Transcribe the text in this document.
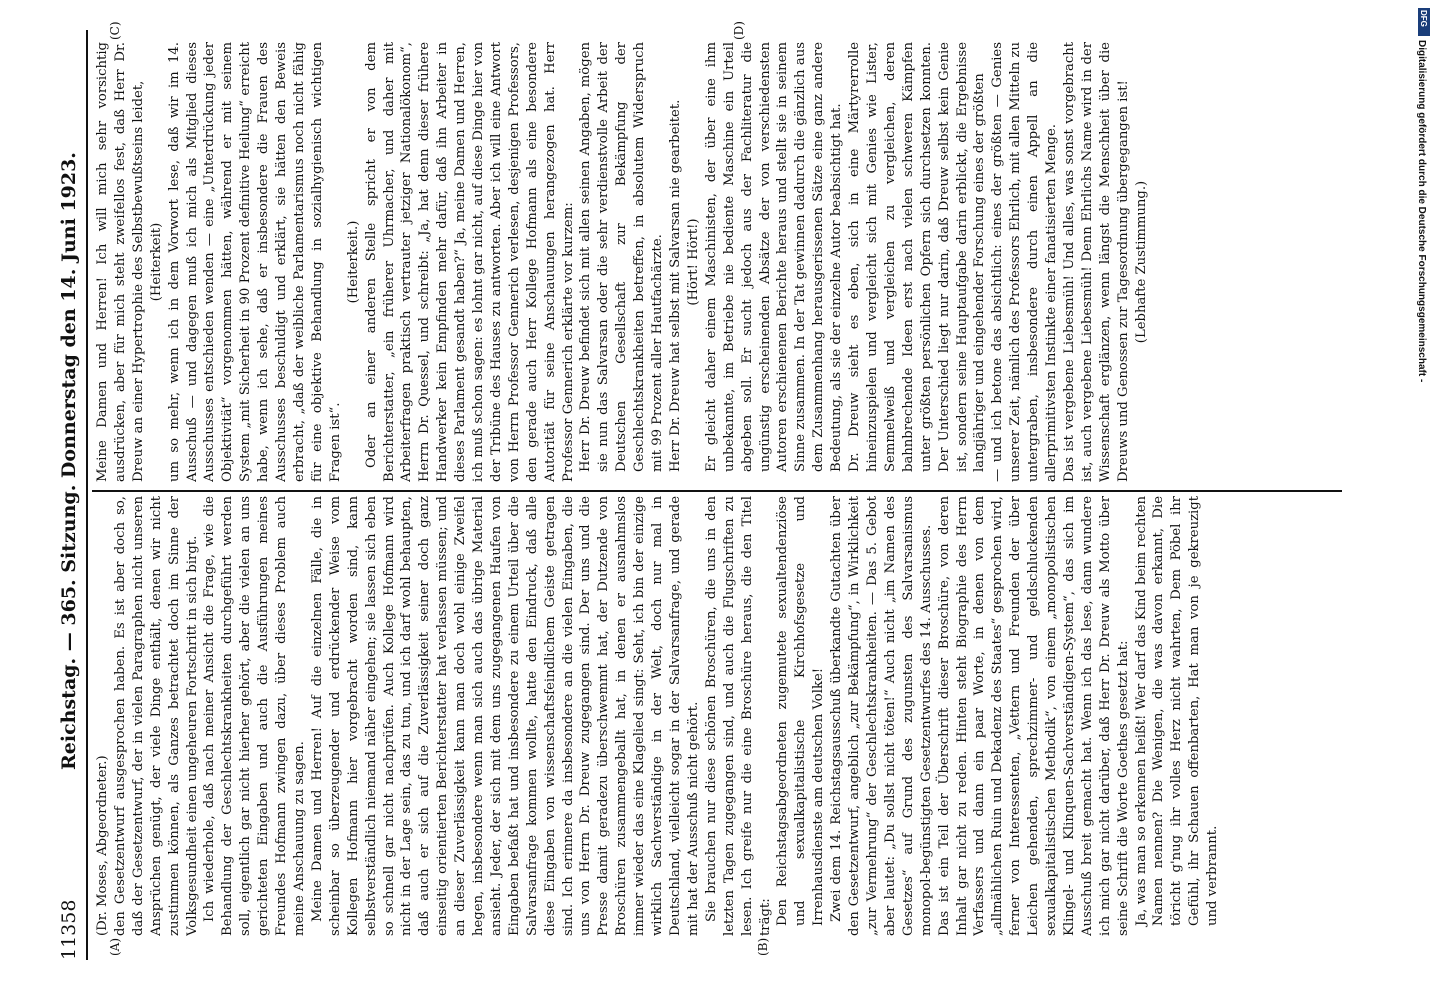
11358
Reichstag. — 365. Sitzung. Donnerstag den 14. Juni 1923.
(A)	(B)
(C)	(D)

(Dr. Moses, Abgeordneter.) den Gesetzentwurf ausgesprochen haben. Es ist aber doch so, daß der Gesetzentwurf, der in vielen Paragraphen nicht unseren Ansprüchen genügt, der viele Dinge enthält, denen wir nicht zustimmen können, als Ganzes betrachtet doch im Sinne der Volksgesundheit einen ungeheuren Fortschritt in sich birgt. Ich wiederhole, daß nach meiner Ansicht die Frage, wie die Behandlung der Geschlechtskrankheiten durchgeführt werden soll, eigentlich gar nicht hierher gehört, aber die vielen an uns gerichteten Eingaben und auch die Ausführungen meines Freundes Hofmann zwingen dazu, über dieses Problem auch meine Anschauung zu sagen. Meine Damen und Herren! Auf die einzelnen Fälle, die in scheinbar so überzeugender und erdrückender Weise vom Kollegen Hofmann hier vorgebracht worden sind, kann selbstverständlich niemand näher eingehen; sie lassen sich eben so schnell gar nicht nachprüfen. Auch Kollege Hofmann wird nicht in der Lage sein, das zu tun, und ich darf wohl behaupten, daß auch er sich auf die Zuverlässigkeit seiner doch ganz einseitig orientierten Berichterstatter hat verlassen müssen; und an dieser Zuverlässigkeit kann man doch wohl einige Zweifel hegen, insbesondere wenn man sich auch das übrige Material ansieht. Jeder, der sich mit dem uns zugegangenen Haufen von Eingaben befaßt hat und insbesondere zu einem Urteil über die Salvarsanfrage kommen wollte, hatte den Eindruck, daß alle diese Eingaben von wissenschaftsfeindlichem Geiste getragen sind. Ich erinnere da insbesondere an die vielen Eingaben, die uns von Herrn Dr. Dreuw zugegangen sind. Der uns und die Presse damit geradezu überschwemmt hat, der Dutzende von Broschüren zusammengeballt hat, in denen er ausnahmslos immer wieder das eine Klagelied singt: Seht, ich bin der einzige wirklich Sachverständige in der Welt, doch nur mal in Deutschland, vielleicht sogar in der Salvarsanfrage, und gerade mit hat der Ausschuß nicht gehört. Sie brauchen nur diese schönen Broschüren, die uns in den letzten Tagen zugegangen sind, und auch die Flugschriften zu lesen. Ich greife nur die eine Broschüre heraus, die den Titel trägt: Den Reichstagsabgeordneten zugemutete sexualtendenziöse und sexualkapitalistische Kirchhofsgesetze und Irrenhausdienste am deutschen Volke! Zwei dem 14. Reichstagsausschuß überkandte Gutachten über den Gesetzentwurf, angeblich „zur Bekämpfung“, in Wirklichkeit „zur Vermehrung“ der Geschlechtskrankheiten. — Das 5. Gebot aber lautet: „Du sollst nicht töten!“ Auch nicht „im Namen des Gesetzes“ auf Grund des zugunsten des Salvarsanismus monopol-begünstigten Gesetzentwurfes des 14. Ausschusses. Das ist ein Teil der Überschrift dieser Broschüre, von deren Inhalt gar nicht zu reden. Hinten steht Biographie des Herrn Verfassers und dann ein paar Worte, in denen von dem „allmählichen Ruin und Dekadenz des Staates“ gesprochen wird, ferner von Interessenten, „Vettern und Freunden der über Leichen gehenden, sprechzimmer- und geldschluckenden sexualkapitalistischen Methodik“, von einem „monopolistischen Klingel- und Klinquen-Sachverständigen-System“, das sich im Ausschuß breit gemacht hat. Wenn ich das lese, dann wundere ich mich gar nicht darüber, daß Herr Dr. Dreuw als Motto über seine Schrift die Worte Goethes gesetzt hat: Ja, was man so erkennen heißt! Wer darf das Kind beim rechten Namen nennen? Die Wenigen, die was davon erkannt, Die töricht g'nug ihr volles Herz nicht wahrten, Dem Pöbel ihr Gefühl, ihr Schauen offenbarten, Hat man von je gekreuzigt und verbrannt.

Meine Damen und Herren! Ich will mich sehr vorsichtig ausdrücken, aber für mich steht zweifellos fest, daß Herr Dr. Dreuw an einer Hypertrophie des Selbstbewußtseins leidet, (Heiterkeit) um so mehr, wenn ich in dem Vorwort lese, daß wir im 14. Ausschuß — und dagegen muß ich mich als Mitglied dieses Ausschusses entschieden wenden — eine „Unterdrückung jeder Objektivität“ vorgenommen hätten, während er mit seinem System „mit Sicherheit in 90 Prozent definitive Heilung“ erreicht habe, wenn ich sehe, daß er insbesondere die Frauen des Ausschusses beschuldigt und erklärt, sie hätten den Beweis erbracht, „daß der weibliche Parlamentarismus noch nicht fähig für eine objektive Behandlung in sozialhygienisch wichtigen Fragen ist“.

(Heiterkeit.) Oder an einer anderen Stelle spricht er von dem Berichterstatter, „ein früherer Uhrmacher, und daher mit Arbeiterfragen praktisch vertrauter jetziger Nationalökonom“, Herrn Dr. Quessel, und schreibt: „Ja, hat denn dieser frühere Handwerker kein Empfinden mehr dafür, daß ihn Arbeiter in dieses Parlament gesandt haben?“ Ja, meine Damen und Herren, ich muß schon sagen: es lohnt gar nicht, auf diese Dinge hier von der Tribüne des Hauses zu antworten. Aber ich will eine Antwort von Herrn Professor Gennerich verlesen, desjenigen Professors, den gerade auch Herr Kollege Hofmann als eine besondere Autorität für seine Anschauungen herangezogen hat. Herr Professor Gennerich erklärte vor kurzem: Herr Dr. Dreuw befindet sich mit allen seinen Angaben, mögen sie nun das Salvarsan oder die sehr verdienstvolle Arbeit der Deutschen Gesellschaft zur Bekämpfung der Geschlechtskrankheiten betreffen, in absolutem Widerspruch mit 99 Prozent aller Hautfachärzte. Herr Dr. Dreuw hat selbst mit Salvarsan nie gearbeitet. (Hört! Hört!) Er gleicht daher einem Maschinisten, der über eine ihm unbekannte, im Betriebe nie bediente Maschine ein Urteil abgeben soll. Er sucht jedoch aus der Fachliteratur die ungünstig erscheinenden Absätze der von verschiedensten Autoren erschienenen Berichte heraus und stellt sie in seinem Sinne zusammen. In der Tat gewinnen dadurch die gänzlich aus dem Zusammenhang herausgerissenen Sätze eine ganz andere Bedeutung, als sie der einzelne Autor beabsichtigt hat. Dr. Dreuw sieht es eben, sich in eine Märtyrerrolle hineinzuspielen und vergleicht sich mit Genies wie Lister, Semmelweiß und vergleichen zu vergleichen, deren bahnbrechende Ideen erst nach vielen schweren Kämpfen unter größten persönlichen Opfern sich durchsetzen konnten. Der Unterschied liegt nur darin, daß Dreuw selbst kein Genie ist, sondern seine Hauptaufgabe darin erblickt, die Ergebnisse langjähriger und eingehender Forschung eines der größten — und ich betone das absichtlich: eines der größten — Genies unserer Zeit, nämlich des Professors Ehrlich, mit allen Mitteln zu untergraben, insbesondere durch einen Appell an die allerprimitivsten Instinkte einer fanatisierten Menge. Das ist vergebene Liebesmüh! Und alles, was sonst vorgebracht ist, auch vergebene Liebesmüh! Denn Ehrlichs Name wird in der Wissenschaft erglänzen, wenn längst die Menschheit über die Dreuws und Genossen zur Tagesordnung übergegangen ist! (Lebhafte Zustimmung.)

DFG
Digitalisierung gefördert durch die Deutsche Forschungsgemeinschaft -
